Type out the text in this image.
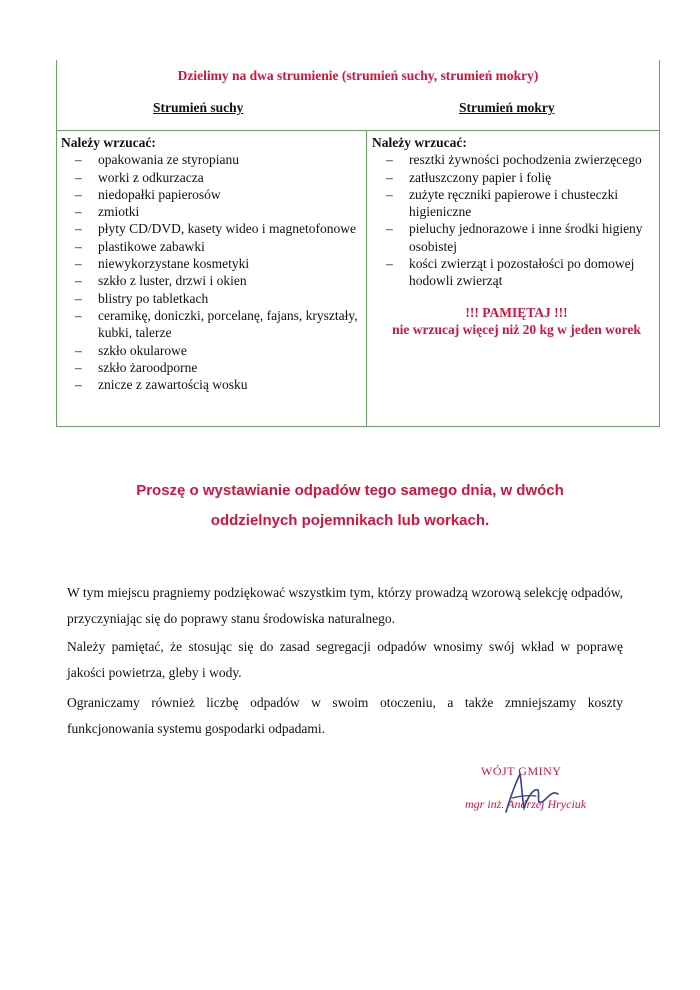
Dzielimy na dwa strumienie (strumień suchy, strumień mokry)
Strumień suchy	Strumień mokry
Należy wrzucać:
– opakowania ze styropianu
– worki z odkurzacza
– niedopałki papierosów
– zmiotki
– płyty CD/DVD, kasety wideo i magnetofonowe
– plastikowe zabawki
– niewykorzystane kosmetyki
– szkło z luster, drzwi i okien
– blistry po tabletkach
– ceramikę, doniczki, porcelanę, fajans, kryształy, kubki, talerze
– szkło okularowe
– szkło żaroodporne
– znicze z zawartością wosku
Należy wrzucać:
– resztki żywności pochodzenia zwierzęcego
– zatłuszczony papier i folię
– zużyte ręczniki papierowe i chusteczki higieniczne
– pieluchy jednorazowe i inne środki higieny osobistej
– kości zwierząt i pozostałości po domowej hodowli zwierząt
!!! PAMIĘTAJ !!!
nie wrzucaj więcej niż 20 kg w jeden worek
Proszę o wystawianie odpadów tego samego dnia, w dwóch
oddzielnych pojemnikach lub workach.

W tym miejscu pragniemy podziękować wszystkim tym, którzy prowadzą wzorową selekcję odpadów, przyczyniając się do poprawy stanu środowiska naturalnego.

Należy pamiętać, że stosując się do zasad segregacji odpadów wnosimy swój wkład w poprawę jakości powietrza, gleby i wody.

Ograniczamy również liczbę odpadów w swoim otoczeniu, a także zmniejszamy koszty funkcjonowania systemu gospodarki odpadami.

WÓJT GMINY
mgr inż. Andrzej Hryciuk
